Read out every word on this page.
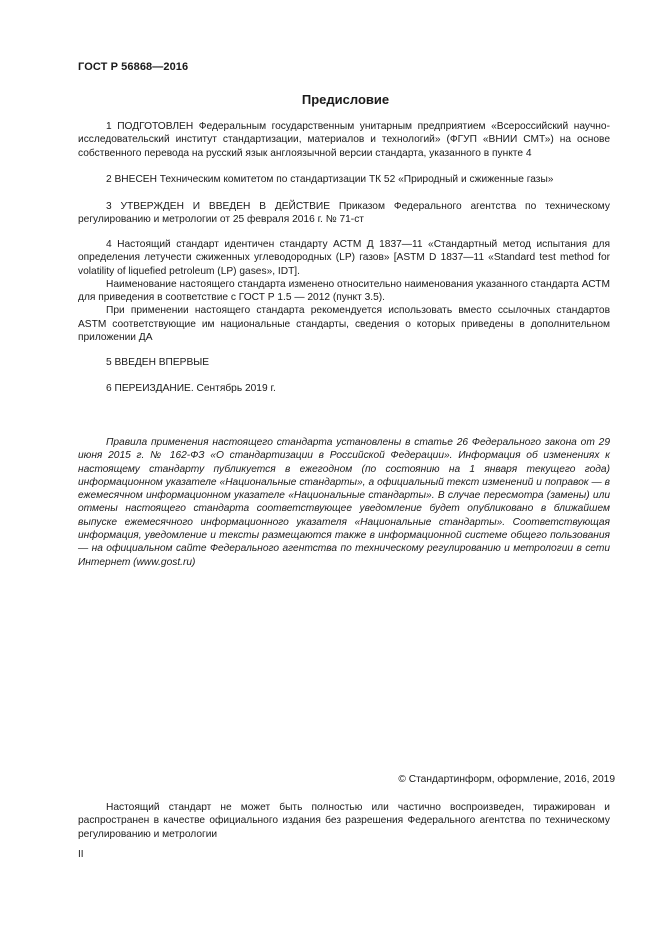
ГОСТ Р 56868—2016
Предисловие

1 ПОДГОТОВЛЕН Федеральным государственным унитарным предприятием «Всероссийский научно-исследовательский институт стандартизации, материалов и технологий» (ФГУП «ВНИИ СМТ») на основе собственного перевода на русский язык англоязычной версии стандарта, указанного в пункте 4

2 ВНЕСЕН Техническим комитетом по стандартизации ТК 52 «Природный и сжиженные газы»

3 УТВЕРЖДЕН И ВВЕДЕН В ДЕЙСТВИЕ Приказом Федерального агентства по техническому регулированию и метрологии от 25 февраля 2016 г. № 71-ст

4 Настоящий стандарт идентичен стандарту АСТМ Д 1837—11 «Стандартный метод испытания для определения летучести сжиженных углеводородных (LP) газов» [ASTM D 1837—11 «Standard test method for volatility of liquefied petroleum (LP) gases», IDT].

Наименование настоящего стандарта изменено относительно наименования указанного стандарта АСТМ для приведения в соответствие с ГОСТ Р 1.5 — 2012 (пункт 3.5).

При применении настоящего стандарта рекомендуется использовать вместо ссылочных стандартов ASTM соответствующие им национальные стандарты, сведения о которых приведены в дополнительном приложении ДА

5 ВВЕДЕН ВПЕРВЫЕ

6 ПЕРЕИЗДАНИЕ. Сентябрь 2019 г.

Правила применения настоящего стандарта установлены в статье 26 Федерального закона от 29 июня 2015 г. № 162-ФЗ «О стандартизации в Российской Федерации». Информация об изменениях к настоящему стандарту публикуется в ежегодном (по состоянию на 1 января текущего года) информационном указателе «Национальные стандарты», а официальный текст изменений и поправок — в ежемесячном информационном указателе «Национальные стандарты». В случае пересмотра (замены) или отмены настоящего стандарта соответствующее уведомление будет опубликовано в ближайшем выпуске ежемесячного информационного указателя «Национальные стандарты». Соответствующая информация, уведомление и тексты размещаются также в информационной системе общего пользования — на официальном сайте Федерального агентства по техническому регулированию и метрологии в сети Интернет (www.gost.ru)
© Стандартинформ, оформление, 2016, 2019
Настоящий стандарт не может быть полностью или частично воспроизведен, тиражирован и распространен в качестве официального издания без разрешения Федерального агентства по техническому регулированию и метрологии
II
